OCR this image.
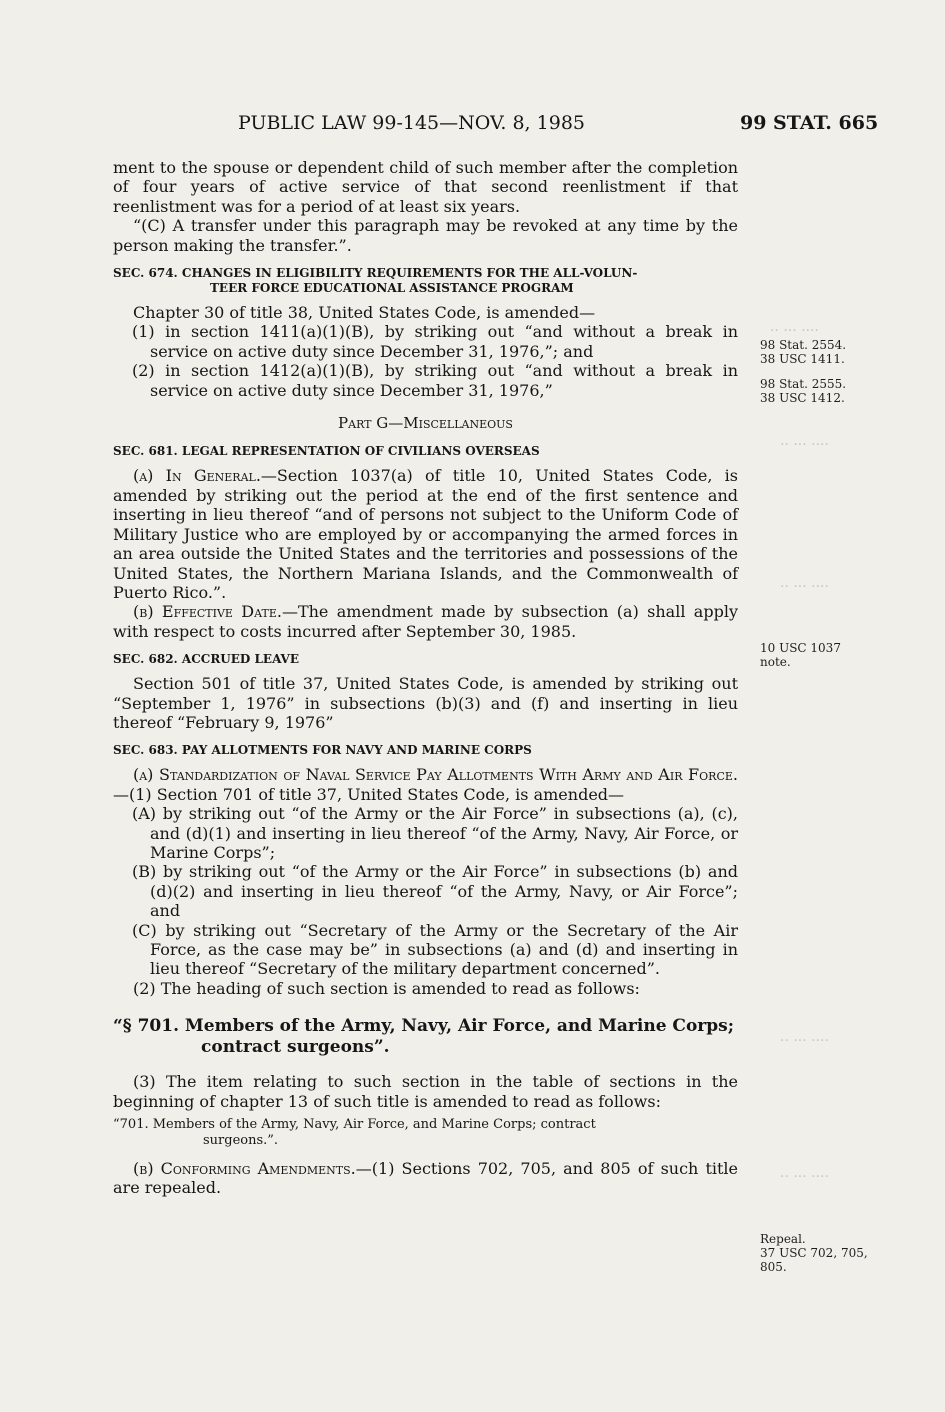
·· ··· ····
·· ··· ····
·· ··· ····
·· ··· ····
·· ··· ····
PUBLIC LAW 99-145—NOV. 8, 1985	99 STAT. 665

ment to the spouse or dependent child of such member after the completion of four years of active service of that second reenlistment if that reenlistment was for a period of at least six years.

“(C) A transfer under this paragraph may be revoked at any time by the person making the transfer.”.

SEC. 674. CHANGES IN ELIGIBILITY REQUIREMENTS FOR THE ALL-VOLUN-
TEER FORCE EDUCATIONAL ASSISTANCE PROGRAM

Chapter 30 of title 38, United States Code, is amended—

(1) in section 1411(a)(1)(B), by striking out “and without a break in service on active duty since December 31, 1976,”; and

(2) in section 1412(a)(1)(B), by striking out “and without a break in service on active duty since December 31, 1976,”

Part G—Miscellaneous

SEC. 681. LEGAL REPRESENTATION OF CIVILIANS OVERSEAS

(a) In General.—Section 1037(a) of title 10, United States Code, is amended by striking out the period at the end of the first sentence and inserting in lieu thereof “and of persons not subject to the Uniform Code of Military Justice who are employed by or accompanying the armed forces in an area outside the United States and the territories and possessions of the United States, the Northern Mariana Islands, and the Commonwealth of Puerto Rico.”.

(b) Effective Date.—The amendment made by subsection (a) shall apply with respect to costs incurred after September 30, 1985.

SEC. 682. ACCRUED LEAVE

Section 501 of title 37, United States Code, is amended by striking out “September 1, 1976” in subsections (b)(3) and (f) and inserting in lieu thereof “February 9, 1976”

SEC. 683. PAY ALLOTMENTS FOR NAVY AND MARINE CORPS

(a) Standardization of Naval Service Pay Allotments With Army and Air Force.—(1) Section 701 of title 37, United States Code, is amended—

(A) by striking out “of the Army or the Air Force” in subsections (a), (c), and (d)(1) and inserting in lieu thereof “of the Army, Navy, Air Force, or Marine Corps”;

(B) by striking out “of the Army or the Air Force” in subsections (b) and (d)(2) and inserting in lieu thereof “of the Army, Navy, or Air Force”; and

(C) by striking out “Secretary of the Army or the Secretary of the Air Force, as the case may be” in subsections (a) and (d) and inserting in lieu thereof “Secretary of the military department concerned”.

(2) The heading of such section is amended to read as follows:

“§ 701. Members of the Army, Navy, Air Force, and Marine Corps; contract surgeons”.

(3) The item relating to such section in the table of sections in the beginning of chapter 13 of such title is amended to read as follows:

“701. Members of the Army, Navy, Air Force, and Marine Corps; contract
surgeons.”.

(b) Conforming Amendments.—(1) Sections 702, 705, and 805 of such title are repealed.

98 Stat. 2554.
38 USC 1411.
98 Stat. 2555.
38 USC 1412.
10 USC 1037
note.
Repeal.
37 USC 702, 705,
805.
